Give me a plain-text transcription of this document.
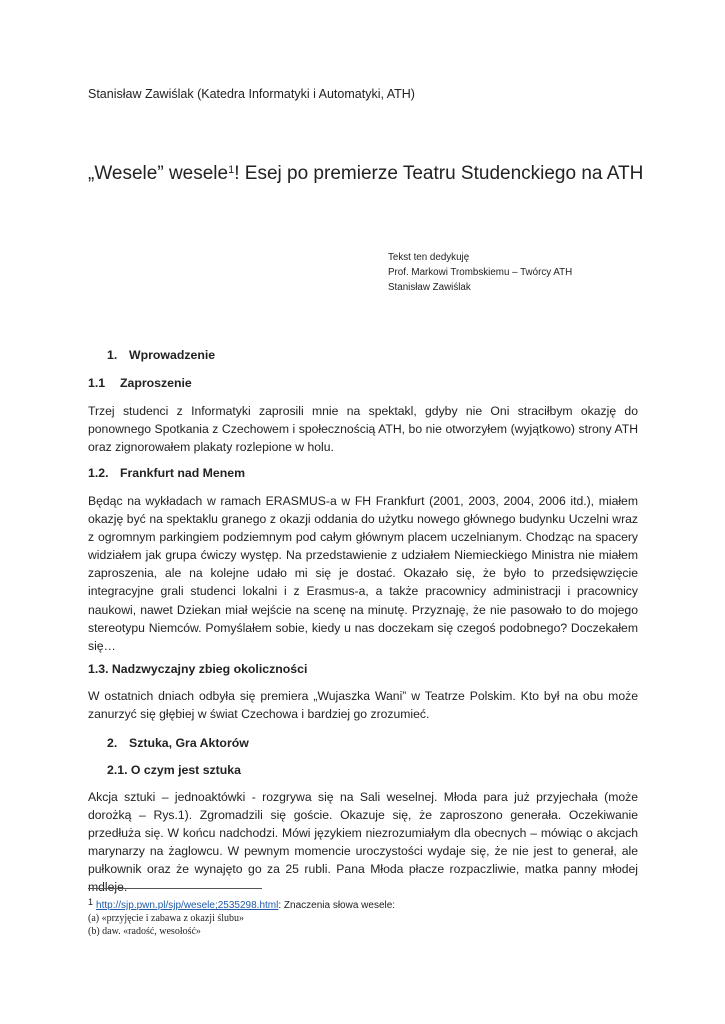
Stanisław Zawiślak (Katedra Informatyki i Automatyki, ATH)
„Wesele” wesele$^1$! Esej po premierze Teatru Studenckiego na ATH
Tekst ten dedykuję
Prof. Markowi Trombskiemu – Twórcy ATH
Stanisław Zawiślak
1. Wprowadzenie
1.1 Zaproszenie
Trzej studenci z Informatyki zaprosili mnie na spektakl, gdyby nie Oni straciłbym okazję do ponownego Spotkania z Czechowem i społecznością ATH, bo nie otworzyłem (wyjątkowo) strony ATH oraz zignorowałem plakaty rozlepione w holu.
1.2. Frankfurt nad Menem
Będąc na wykładach w ramach ERASMUS-a w FH Frankfurt (2001, 2003, 2004, 2006 itd.), miałem okazję być na spektaklu granego z okazji oddania do użytku nowego głównego budynku Uczelni wraz z ogromnym parkingiem podziemnym pod całym głównym placem uczelnianym. Chodząc na spacery widziałem jak grupa ćwiczy występ. Na przedstawienie z udziałem Niemieckiego Ministra nie miałem zaproszenia, ale na kolejne udało mi się je dostać. Okazało się, że było to przedsięwzięcie integracyjne grali studenci lokalni i z Erasmus-a, a także pracownicy administracji i pracownicy naukowi, nawet Dziekan miał wejście na scenę na minutę. Przyznaję, że nie pasowało to do mojego stereotypu Niemców. Pomyślałem sobie, kiedy u nas doczekam się czegoś podobnego? Doczekałem się…
1.3. Nadzwyczajny zbieg okoliczności
W ostatnich dniach odbyła się premiera „Wujaszka Wani” w Teatrze Polskim. Kto był na obu może zanurzyć się głębiej w świat Czechowa i bardziej go zrozumieć.
2. Sztuka, Gra Aktorów
2.1. O czym jest sztuka
Akcja sztuki – jednoaktówki - rozgrywa się na Sali weselnej. Młoda para już przyjechała (może dorożką – Rys.1). Zgromadzili się goście. Okazuje się, że zaproszono generała. Oczekiwanie przedłuża się. W końcu nadchodzi. Mówi językiem niezrozumiałym dla obecnych – mówiąc o akcjach marynarzy na żaglowcu. W pewnym momencie uroczystości wydaje się, że nie jest to generał, ale pułkownik oraz że wynajęto go za 25 rubli. Pana Młoda płacze rozpaczliwie, matka panny młodej mdleje.
1 http://sjp.pwn.pl/sjp/wesele;2535298.html: Znaczenia słowa wesele:
(a) «przyjęcie i zabawa z okazji ślubu»
(b) daw. «radość, wesołość»
